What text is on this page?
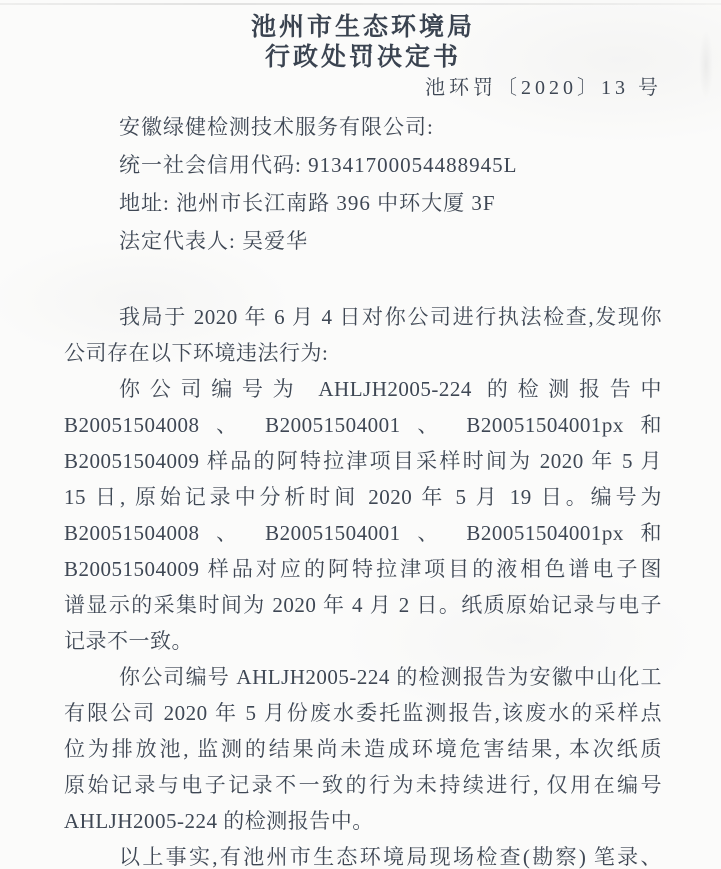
池州市生态环境局
行政处罚决定书
池环罚〔2020〕13 号
安徽绿健检测技术服务有限公司:
统一社会信用代码: 91341700054488945L
地址: 池州市长江南路 396 中环大厦 3F
法定代表人: 吴爱华
我局于 2020 年 6 月 4 日对你公司进行执法检查,发现你
公司存在以下环境违法行为:
你公司编号为 AHLJH2005-224 的检测报告中
B20051504008 、 B20051504001 、 B20051504001px 和
B20051504009 样品的阿特拉津项目采样时间为 2020 年 5 月
15 日, 原始记录中分析时间 2020 年 5 月 19 日。编号为
B20051504008 、 B20051504001 、 B20051504001px 和
B20051504009 样品对应的阿特拉津项目的液相色谱电子图
谱显示的采集时间为 2020 年 4 月 2 日。纸质原始记录与电子
记录不一致。
你公司编号 AHLJH2005-224 的检测报告为安徽中山化工
有限公司 2020 年 5 月份废水委托监测报告,该废水的采样点
位为排放池, 监测的结果尚未造成环境危害结果, 本次纸质
原始记录与电子记录不一致的行为未持续进行, 仅用在编号
AHLJH2005-224 的检测报告中。
以上事实,有池州市生态环境局现场检查(勘察) 笔录、
